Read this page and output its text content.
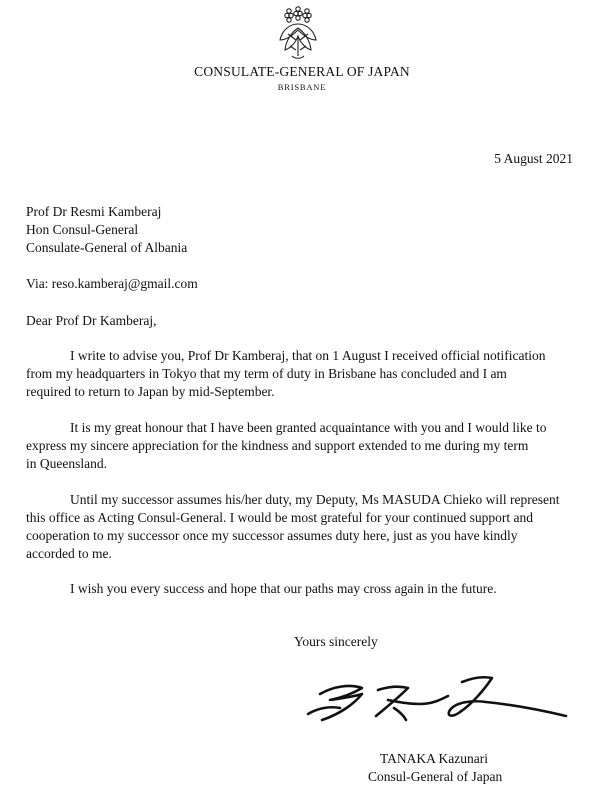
CONSULATE-GENERAL OF JAPAN
BRISBANE
5 August 2021
Prof Dr Resmi Kamberaj
Hon Consul-General
Consulate-General of Albania
Via: reso.kamberaj@gmail.com
Dear Prof Dr Kamberaj,
I write to advise you, Prof Dr Kamberaj, that on 1 August I received official notification
from my headquarters in Tokyo that my term of duty in Brisbane has concluded and I am
required to return to Japan by mid-September.
It is my great honour that I have been granted acquaintance with you and I would like to
express my sincere appreciation for the kindness and support extended to me during my term
in Queensland.
Until my successor assumes his/her duty, my Deputy, Ms MASUDA Chieko will represent
this office as Acting Consul-General. I would be most grateful for your continued support and
cooperation to my successor once my successor assumes duty here, just as you have kindly
accorded to me.
I wish you every success and hope that our paths may cross again in the future.
Yours sincerely
TANAKA Kazunari
Consul-General of Japan
